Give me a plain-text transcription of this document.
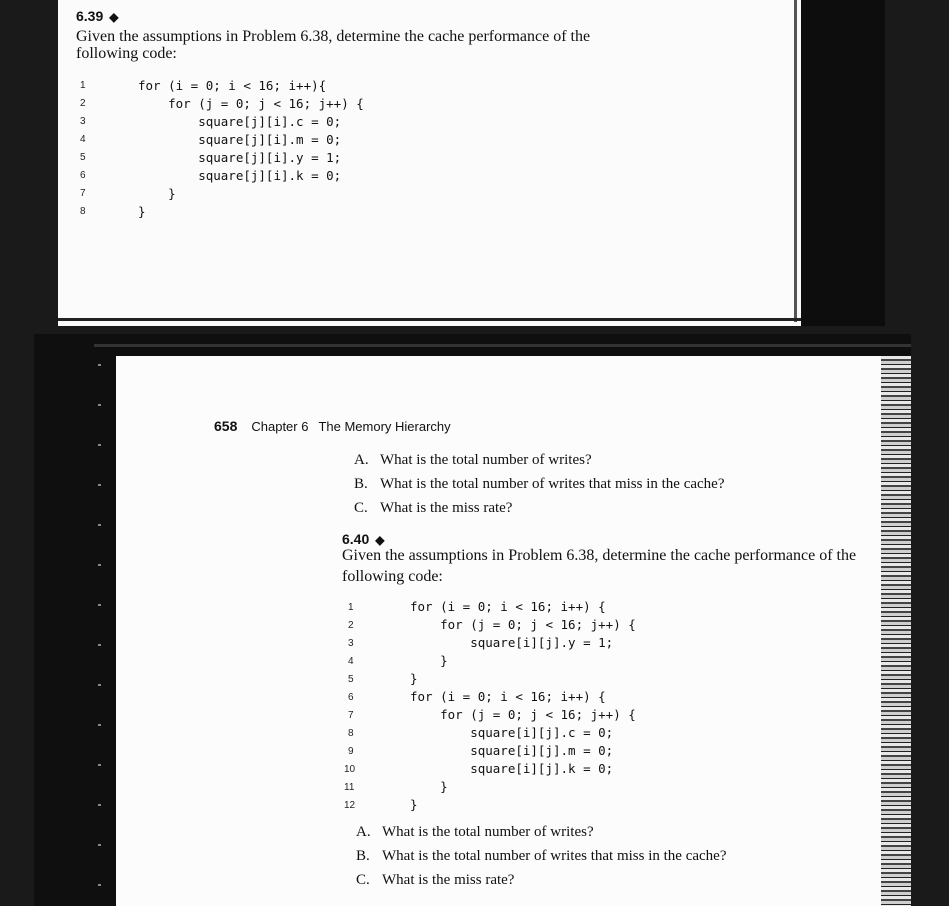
6.39 ◆
Given the assumptions in Problem 6.38, determine the cache performance of the
following code:
1	for (i = 0; i < 16; i++){
2	for (j = 0; j < 16; j++) {
3	square[j][i].c = 0;
4	square[j][i].m = 0;
5	square[j][i].y = 1;
6	square[j][i].k = 0;
7	}
8	}
658 Chapter 6 The Memory Hierarchy
A. What is the total number of writes?
B. What is the total number of writes that miss in the cache?
C. What is the miss rate?
6.40 ◆
Given the assumptions in Problem 6.38, determine the cache performance of the
following code:
1	for (i = 0; i < 16; i++) {
2	for (j = 0; j < 16; j++) {
3	square[i][j].y = 1;
4	}
5	}
6	for (i = 0; i < 16; i++) {
7	for (j = 0; j < 16; j++) {
8	square[i][j].c = 0;
9	square[i][j].m = 0;
10	square[i][j].k = 0;
11	}
12	}
A. What is the total number of writes?
B. What is the total number of writes that miss in the cache?
C. What is the miss rate?
